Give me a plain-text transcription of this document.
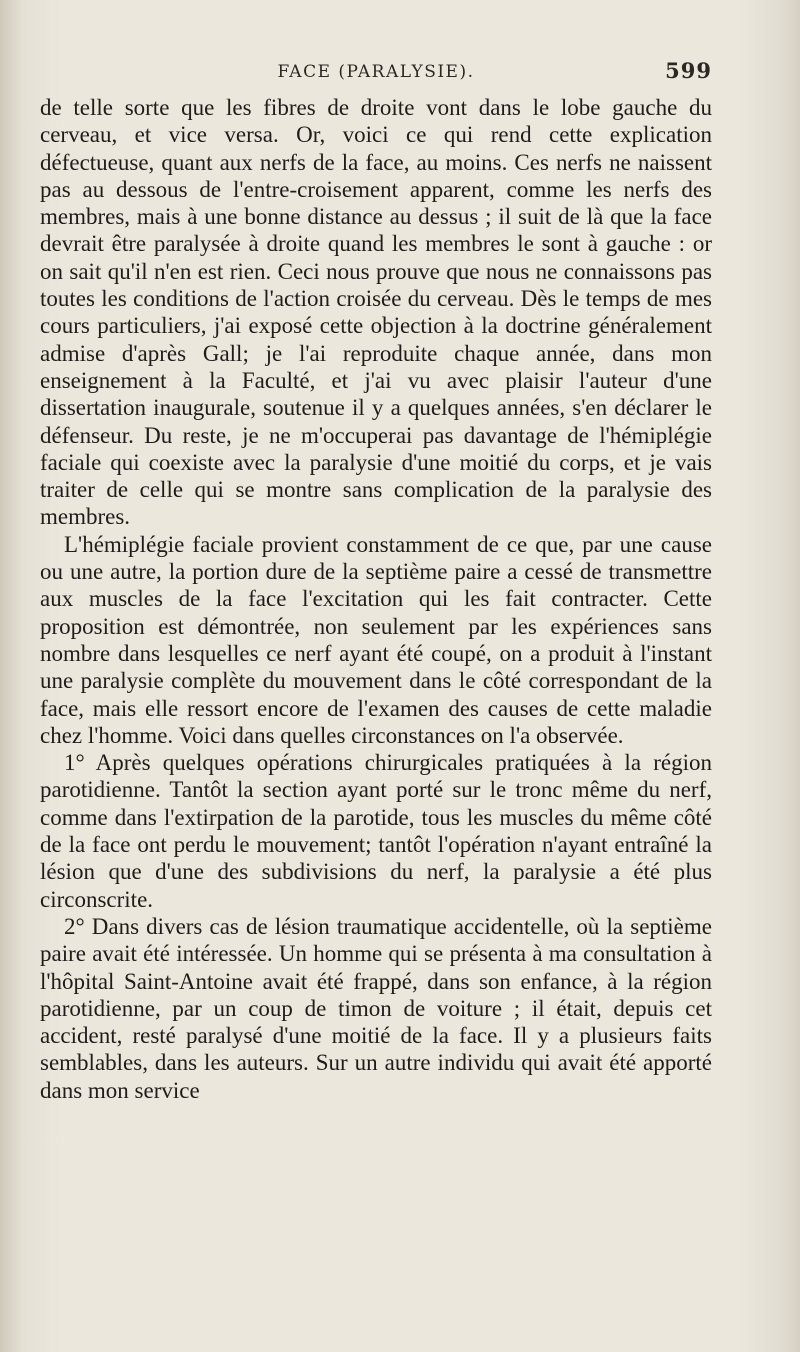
FACE (PARALYSIE).	599

de telle sorte que les fibres de droite vont dans le lobe gauche du cerveau, et vice versa. Or, voici ce qui rend cette explication défectueuse, quant aux nerfs de la face, au moins. Ces nerfs ne naissent pas au dessous de l'entre-croisement apparent, comme les nerfs des membres, mais à une bonne distance au dessus ; il suit de là que la face devrait être paralysée à droite quand les membres le sont à gauche : or on sait qu'il n'en est rien. Ceci nous prouve que nous ne connaissons pas toutes les conditions de l'action croisée du cerveau. Dès le temps de mes cours particuliers, j'ai exposé cette objection à la doctrine généralement admise d'après Gall; je l'ai reproduite chaque année, dans mon enseignement à la Faculté, et j'ai vu avec plaisir l'auteur d'une dissertation inaugurale, soutenue il y a quelques années, s'en déclarer le défenseur. Du reste, je ne m'occuperai pas davantage de l'hémiplégie faciale qui coexiste avec la paralysie d'une moitié du corps, et je vais traiter de celle qui se montre sans complication de la paralysie des membres.

L'hémiplégie faciale provient constamment de ce que, par une cause ou une autre, la portion dure de la septième paire a cessé de transmettre aux muscles de la face l'excitation qui les fait contracter. Cette proposition est démontrée, non seulement par les expériences sans nombre dans lesquelles ce nerf ayant été coupé, on a produit à l'instant une paralysie complète du mouvement dans le côté correspondant de la face, mais elle ressort encore de l'examen des causes de cette maladie chez l'homme. Voici dans quelles circonstances on l'a observée.

1° Après quelques opérations chirurgicales pratiquées à la région parotidienne. Tantôt la section ayant porté sur le tronc même du nerf, comme dans l'extirpation de la parotide, tous les muscles du même côté de la face ont perdu le mouvement; tantôt l'opération n'ayant entraîné la lésion que d'une des subdivisions du nerf, la paralysie a été plus circonscrite.

2° Dans divers cas de lésion traumatique accidentelle, où la septième paire avait été intéressée. Un homme qui se présenta à ma consultation à l'hôpital Saint-Antoine avait été frappé, dans son enfance, à la région parotidienne, par un coup de timon de voiture ; il était, depuis cet accident, resté paralysé d'une moitié de la face. Il y a plusieurs faits semblables, dans les auteurs. Sur un autre individu qui avait été apporté dans mon service
